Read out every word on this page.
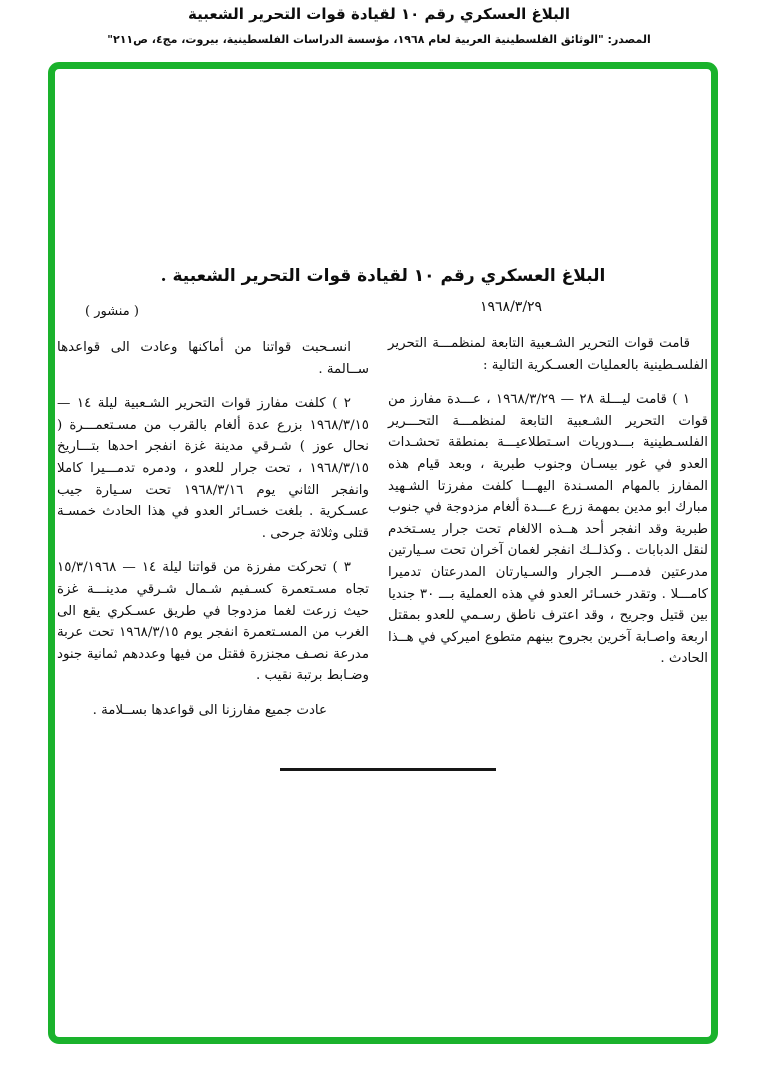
البلاغ العسكري رقم ١٠ لقيادة قوات التحرير الشعبية
المصدر: "الوثائق الفلسطينية العربية لعام ١٩٦٨، مؤسسة الدراسات الفلسطينية، بيروت، مج٤، ص٢١١"
البلاغ العسكري رقم ١٠ لقيادة قوات التحرير الشعبية .
١٩٦٨/٣/٢٩
( منشور )

قامت قوات التحرير الشـعبية التابعة لمنظمـــة التحرير الفلسـطينية بالعمليات العسـكرية التالية :

١ ) قامت ليـــلة ٢٨ — ١٩٦٨/٣/٢٩ ، عـــدة مفارز من قوات التحرير الشـعبية التابعة لمنظمـــة التحـــرير الفلسـطينية بـــدوريات اسـتطلاعيـــة بمنطقة تحشـدات العدو في غور بيسـان وجنوب طبرية ، وبعد قيام هذه المفارز بالمهام المسـندة اليهـــا كلفت مفرزتا الشـهيد مبارك ابو مدين بمهمة زرع عـــدة ألغام مزدوجة في جنوب طبرية وقد انفجر أحد هــذه الالغام تحت جرار يسـتخدم لنقل الدبابات . وكذلــك انفجر لغمان آخران تحت سـيارتين مدرعتين فدمـــر الجرار والسـيارتان المدرعتان تدميرا كامـــلا . وتقدر خسـائر العدو في هذه العملية بـــ ٣٠ جنديا بين قتيل وجريح ، وقد اعترف ناطق رسـمي للعدو بمقتل اربعة واصـابة آخرين بجروح بينهم متطوع اميركي في هــذا الحادث .

انسـحبت قواتنا من أماكنها وعادت الى قواعدها ســالمة .

٢ ) كلفت مفارز قوات التحرير الشـعبية ليلة ١٤ — ١٩٦٨/٣/١٥ بزرع عدة ألغام بالقرب من مسـتعمـــرة ( نحال عوز ) شـرقي مدينة غزة انفجر احدها بتـــاريخ ١٩٦٨/٣/١٥ ، تحت جرار للعدو ، ودمره تدمـــيرا كاملا وانفجر الثاني يوم ١٩٦٨/٣/١٦ تحت سـيارة جيب عسـكرية . بلغت خسـائر العدو في هذا الحادث خمسـة قتلى وثلاثة جرحى .

٣ ) تحركت مفرزة من قواتنا ليلة ١٤ — ١٥/٣/١٩٦٨ تجاه مسـتعمرة كسـفيم شـمال شـرقي مدينـــة غزة حيث زرعت لغما مزدوجا في طريق عسـكري يقع الى الغرب من المسـتعمرة انفجر يوم ١٩٦٨/٣/١٥ تحت عربة مدرعة نصـف مجنزرة فقتل من فيها وعددهم ثمانية جنود وضـابط برتبة نقيب .

عادت جميع مفارزنا الى قواعدها بســلامة .
